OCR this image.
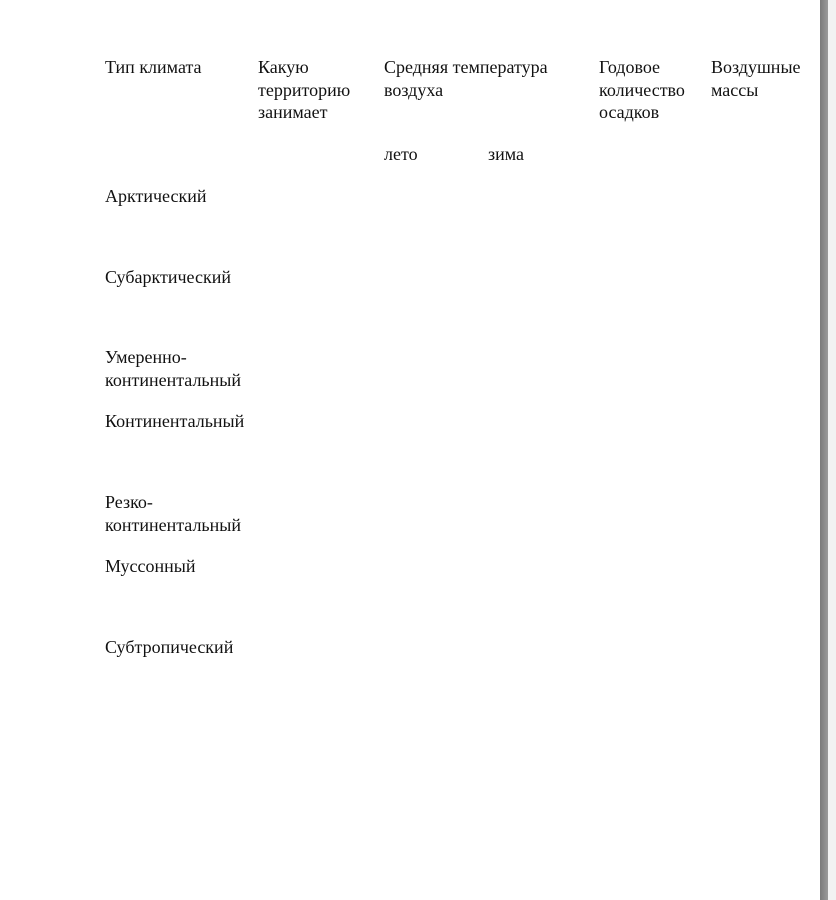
Тип климата	Какую
территорию
занимает
Средняя температура
воздуха
Годовое
количество
осадков
Воздушные
массы
лето	зима
Арктический
Субарктический
Умеренно-
континентальный
Континентальный
Резко-
континентальный
Муссонный
Субтропический
